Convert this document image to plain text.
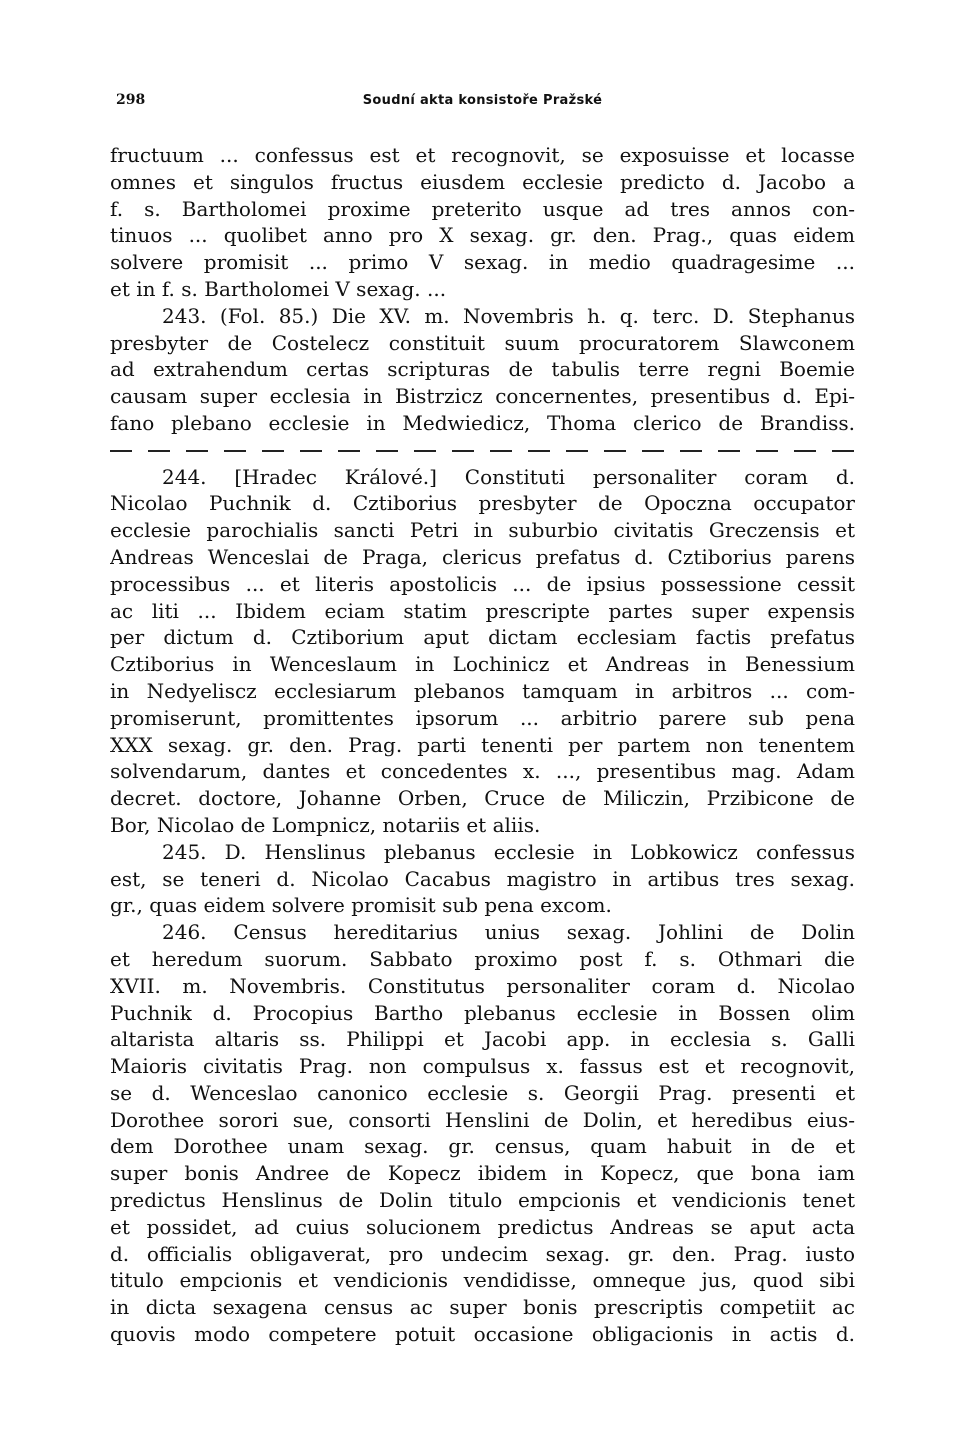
298	Soudní akta konsistoře Pražské
fructuum ... confessus est et recognovit, se exposuisse et locasse
omnes et singulos fructus eiusdem ecclesie predicto d. Jacobo a
f. s. Bartholomei proxime preterito usque ad tres annos con-
tinuos ... quolibet anno pro X sexag. gr. den. Prag., quas eidem
solvere promisit ... primo V sexag. in medio quadragesime ...
et in f. s. Bartholomei V sexag. ...
243. (Fol. 85.) Die XV. m. Novembris h. q. terc. D. Stephanus
presbyter de Costelecz constituit suum procuratorem Slawconem
ad extrahendum certas scripturas de tabulis terre regni Boemie
causam super ecclesia in Bistrzicz concernentes, presentibus d. Epi-
fano plebano ecclesie in Medwiedicz, Thoma clerico de Brandiss.
244. [Hradec Králové.] Constituti personaliter coram d.
Nicolao Puchnik d. Cztiborius presbyter de Opoczna occupator
ecclesie parochialis sancti Petri in suburbio civitatis Greczensis et
Andreas Wenceslai de Praga, clericus prefatus d. Cztiborius parens
processibus ... et literis apostolicis ... de ipsius possessione cessit
ac liti ... Ibidem eciam statim prescripte partes super expensis
per dictum d. Cztiborium aput dictam ecclesiam factis prefatus
Cztiborius in Wenceslaum in Lochinicz et Andreas in Benessium
in Nedyeliscz ecclesiarum plebanos tamquam in arbitros ... com-
promiserunt, promittentes ipsorum ... arbitrio parere sub pena
XXX sexag. gr. den. Prag. parti tenenti per partem non tenentem
solvendarum, dantes et concedentes x. ..., presentibus mag. Adam
decret. doctore, Johanne Orben, Cruce de Miliczin, Przibicone de
Bor, Nicolao de Lompnicz, notariis et aliis.
245. D. Henslinus plebanus ecclesie in Lobkowicz confessus
est, se teneri d. Nicolao Cacabus magistro in artibus tres sexag.
gr., quas eidem solvere promisit sub pena excom.
246. Census hereditarius unius sexag. Johlini de Dolin
et heredum suorum. Sabbato proximo post f. s. Othmari die
XVII. m. Novembris. Constitutus personaliter coram d. Nicolao
Puchnik d. Procopius Bartho plebanus ecclesie in Bossen olim
altarista altaris ss. Philippi et Jacobi app. in ecclesia s. Galli
Maioris civitatis Prag. non compulsus x. fassus est et recognovit,
se d. Wenceslao canonico ecclesie s. Georgii Prag. presenti et
Dorothee sorori sue, consorti Henslini de Dolin, et heredibus eius-
dem Dorothee unam sexag. gr. census, quam habuit in de et
super bonis Andree de Kopecz ibidem in Kopecz, que bona iam
predictus Henslinus de Dolin titulo empcionis et vendicionis tenet
et possidet, ad cuius solucionem predictus Andreas se aput acta
d. officialis obligaverat, pro undecim sexag. gr. den. Prag. iusto
titulo empcionis et vendicionis vendidisse, omneque jus, quod sibi
in dicta sexagena census ac super bonis prescriptis competiit ac
quovis modo competere potuit occasione obligacionis in actis d.
